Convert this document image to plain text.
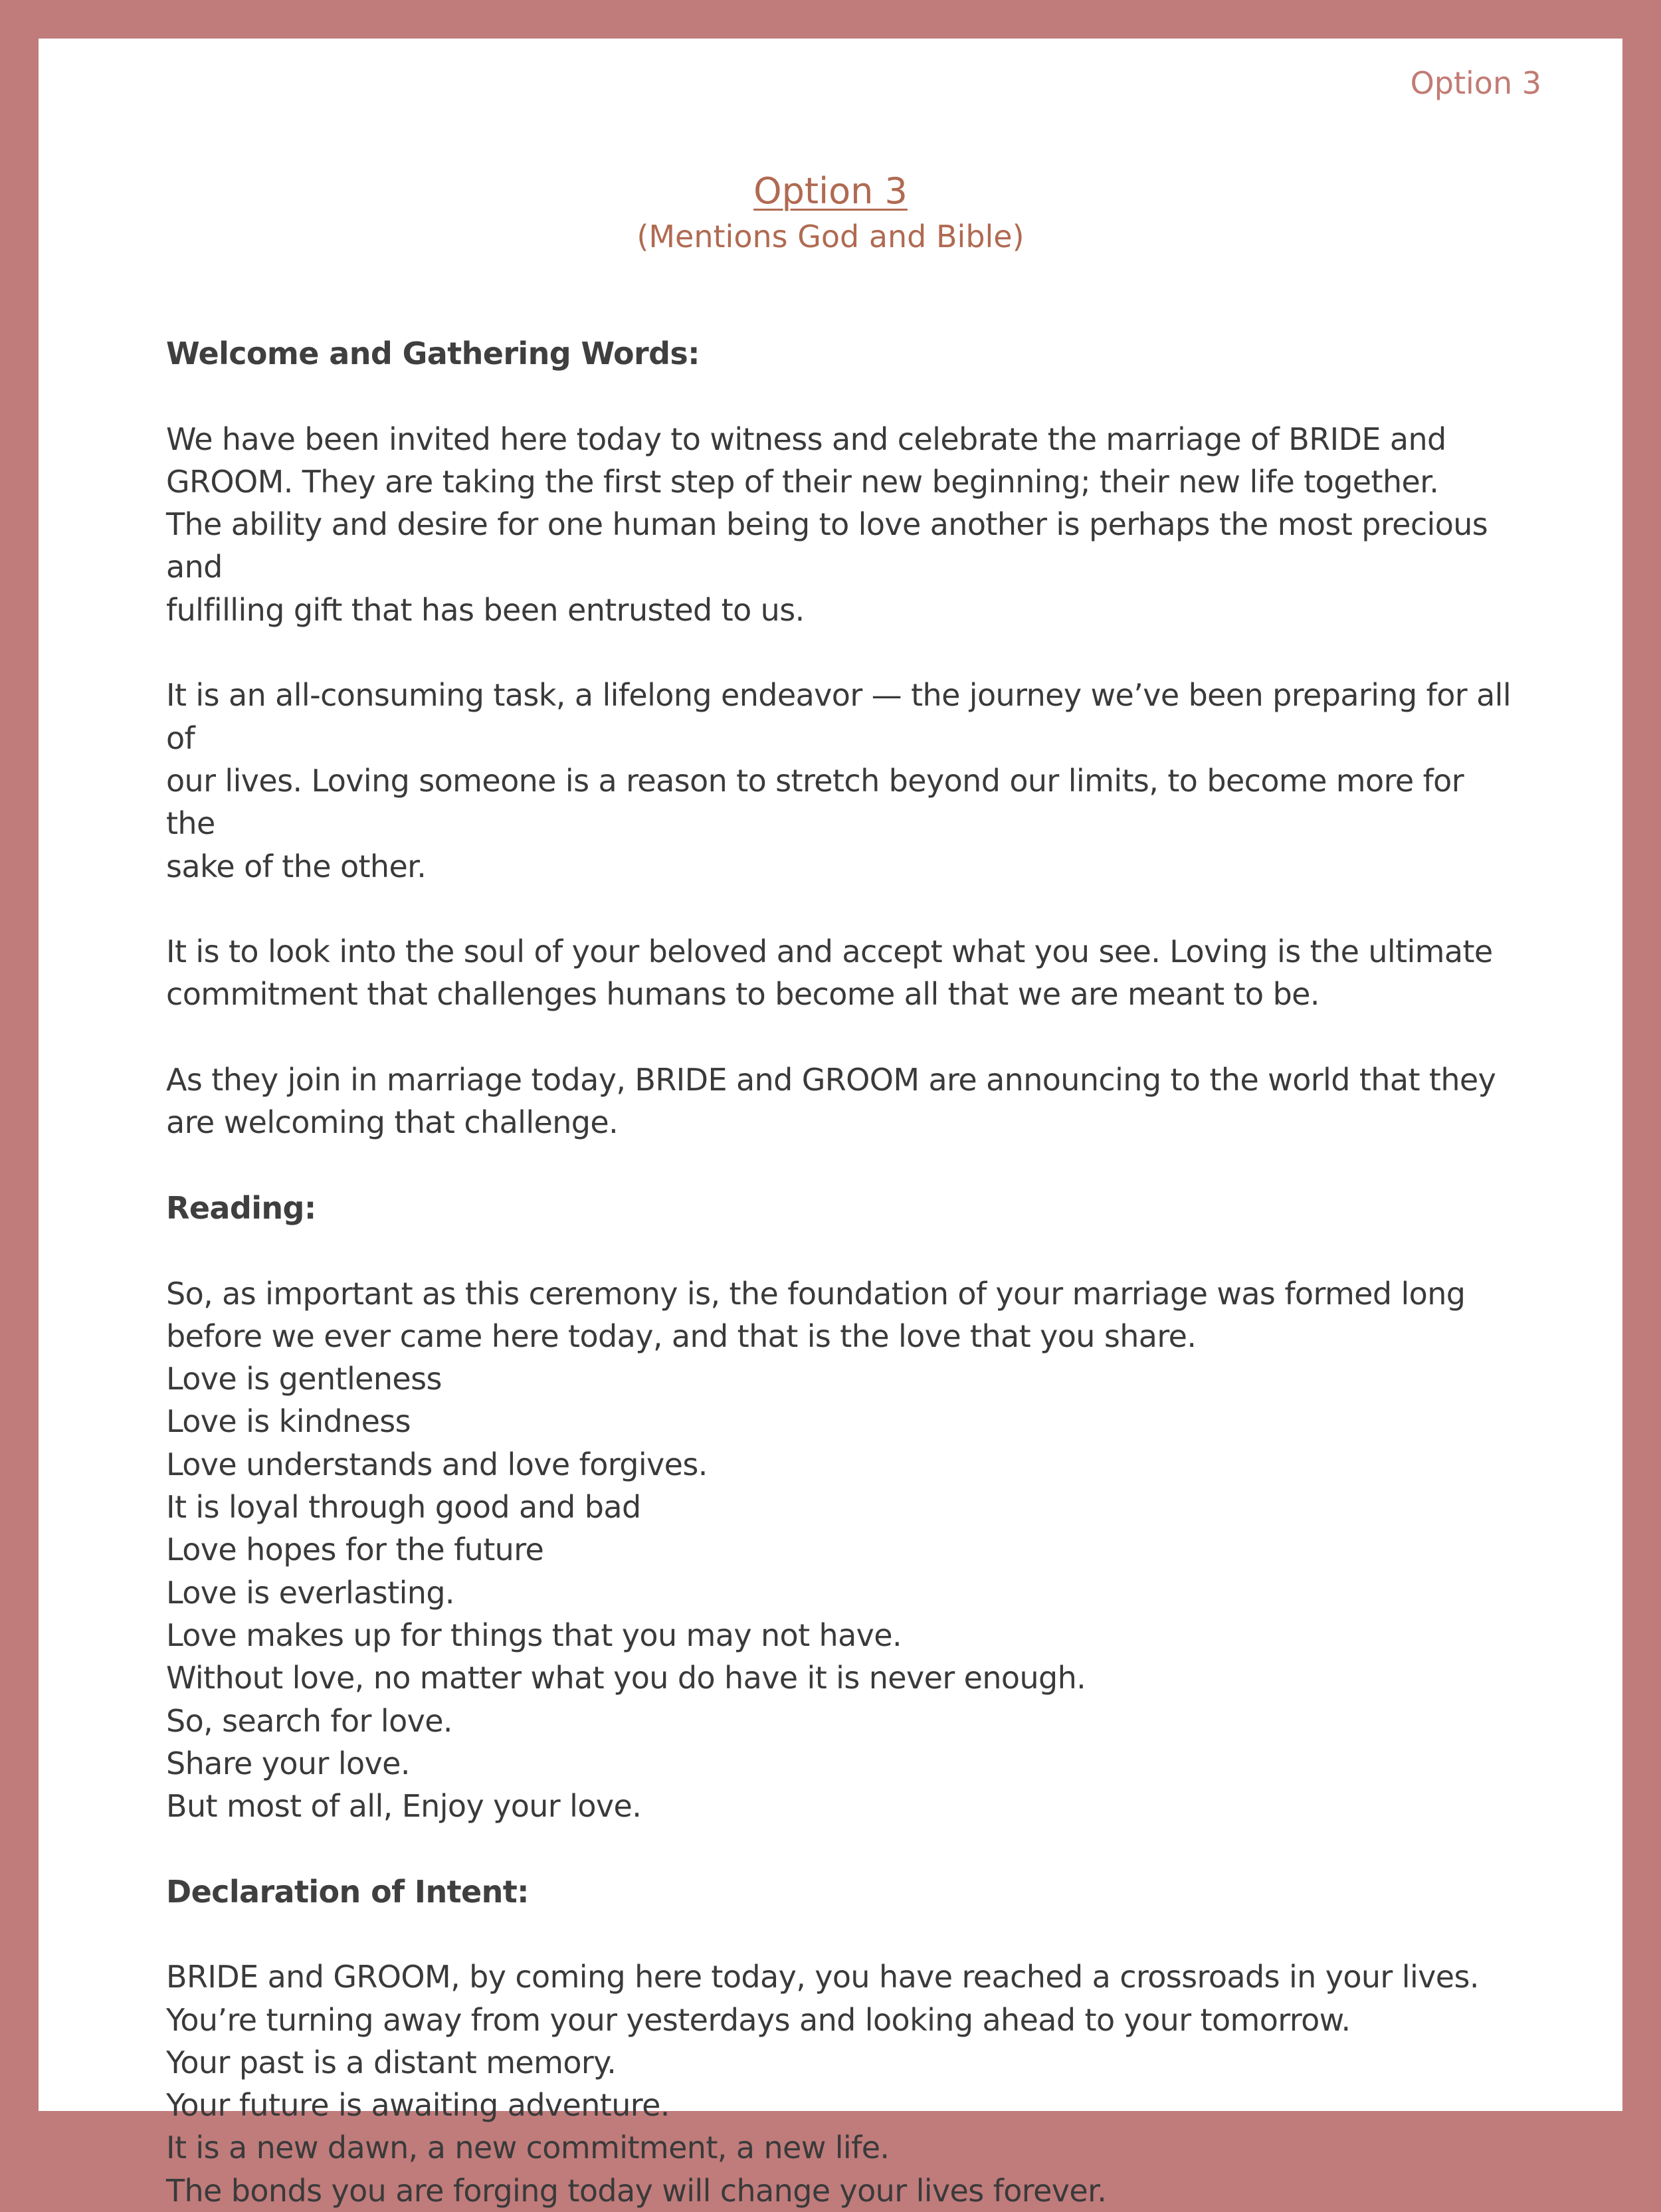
Option 3
Option 3
(Mentions God and Bible)

Welcome and Gathering Words:

We have been invited here today to witness and celebrate the marriage of BRIDE and

GROOM. They are taking the first step of their new beginning; their new life together.

The ability and desire for one human being to love another is perhaps the most precious and

fulfilling gift that has been entrusted to us.

It is an all-consuming task, a lifelong endeavor — the journey we’ve been preparing for all of

our lives. Loving someone is a reason to stretch beyond our limits, to become more for the

sake of the other.

It is to look into the soul of your beloved and accept what you see. Loving is the ultimate

commitment that challenges humans to become all that we are meant to be.

As they join in marriage today, BRIDE and GROOM are announcing to the world that they

are welcoming that challenge.

Reading:

So, as important as this ceremony is, the foundation of your marriage was formed long

before we ever came here today, and that is the love that you share.

Love is gentleness

Love is kindness

Love understands and love forgives.

It is loyal through good and bad

Love hopes for the future

Love is everlasting.

Love makes up for things that you may not have.

Without love, no matter what you do have it is never enough.

So, search for love.

Share your love.

But most of all, Enjoy your love.

Declaration of Intent:

BRIDE and GROOM, by coming here today, you have reached a crossroads in your lives.

You’re turning away from your yesterdays and looking ahead to your tomorrow.

Your past is a distant memory.

Your future is awaiting adventure.

It is a new dawn, a new commitment, a new life.

The bonds you are forging today will change your lives forever.
